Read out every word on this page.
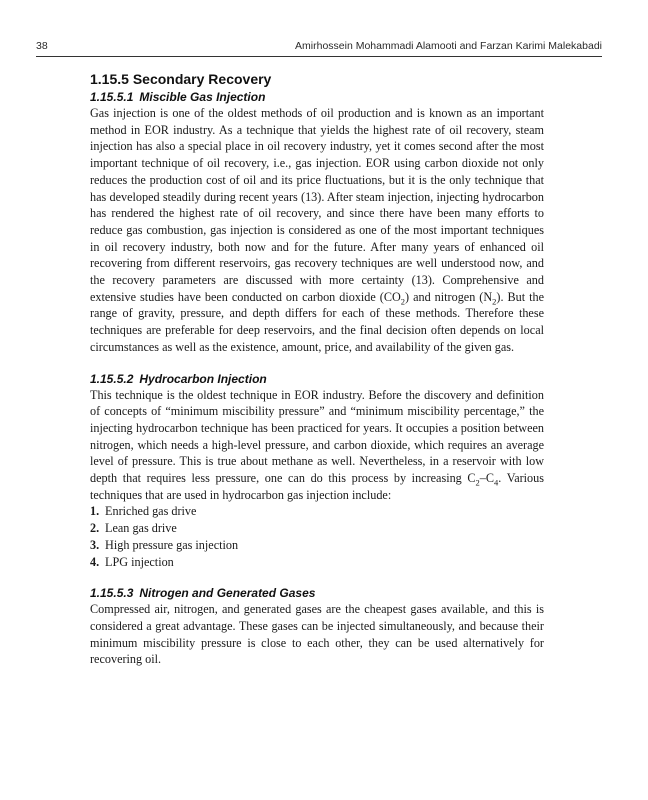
38	Amirhossein Mohammadi Alamooti and Farzan Karimi Malekabadi
1.15.5 Secondary Recovery
1.15.5.1 Miscible Gas Injection

Gas injection is one of the oldest methods of oil production and is known as an important method in EOR industry. As a technique that yields the highest rate of oil recovery, steam injection has also a special place in oil recovery industry, yet it comes second after the most important technique of oil recovery, i.e., gas injection. EOR using carbon dioxide not only reduces the production cost of oil and its price fluctuations, but it is the only technique that has developed steadily during recent years (13). After steam injection, injecting hydrocarbon has rendered the highest rate of oil recovery, and since there have been many efforts to reduce gas combustion, gas injection is considered as one of the most important techniques in oil recovery industry, both now and for the future. After many years of enhanced oil recovering from different reservoirs, gas recovery techniques are well understood now, and the recovery parameters are discussed with more certainty (13). Comprehensive and extensive studies have been conducted on carbon dioxide $(CO_2)$ and nitrogen $(N_2)$. But the range of gravity, pressure, and depth differs for each of these methods. Therefore these techniques are preferable for deep reservoirs, and the final decision often depends on local circumstances as well as the existence, amount, price, and availability of the given gas.

1.15.5.2 Hydrocarbon Injection

This technique is the oldest technique in EOR industry. Before the discovery and definition of concepts of “minimum miscibility pressure” and “minimum miscibility percentage,” the injecting hydrocarbon technique has been practiced for years. It occupies a position between nitrogen, which needs a high-level pressure, and carbon dioxide, which requires an average level of pressure. This is true about methane as well. Nevertheless, in a reservoir with low depth that requires less pressure, one can do this process by increasing $C_2-C_4$. Various techniques that are used in hydrocarbon gas injection include:

1. Enriched gas drive
2. Lean gas drive
3. High pressure gas injection
4. LPG injection
1.15.5.3 Nitrogen and Generated Gases

Compressed air, nitrogen, and generated gases are the cheapest gases available, and this is considered a great advantage. These gases can be injected simultaneously, and because their minimum miscibility pressure is close to each other, they can be used alternatively for recovering oil.
